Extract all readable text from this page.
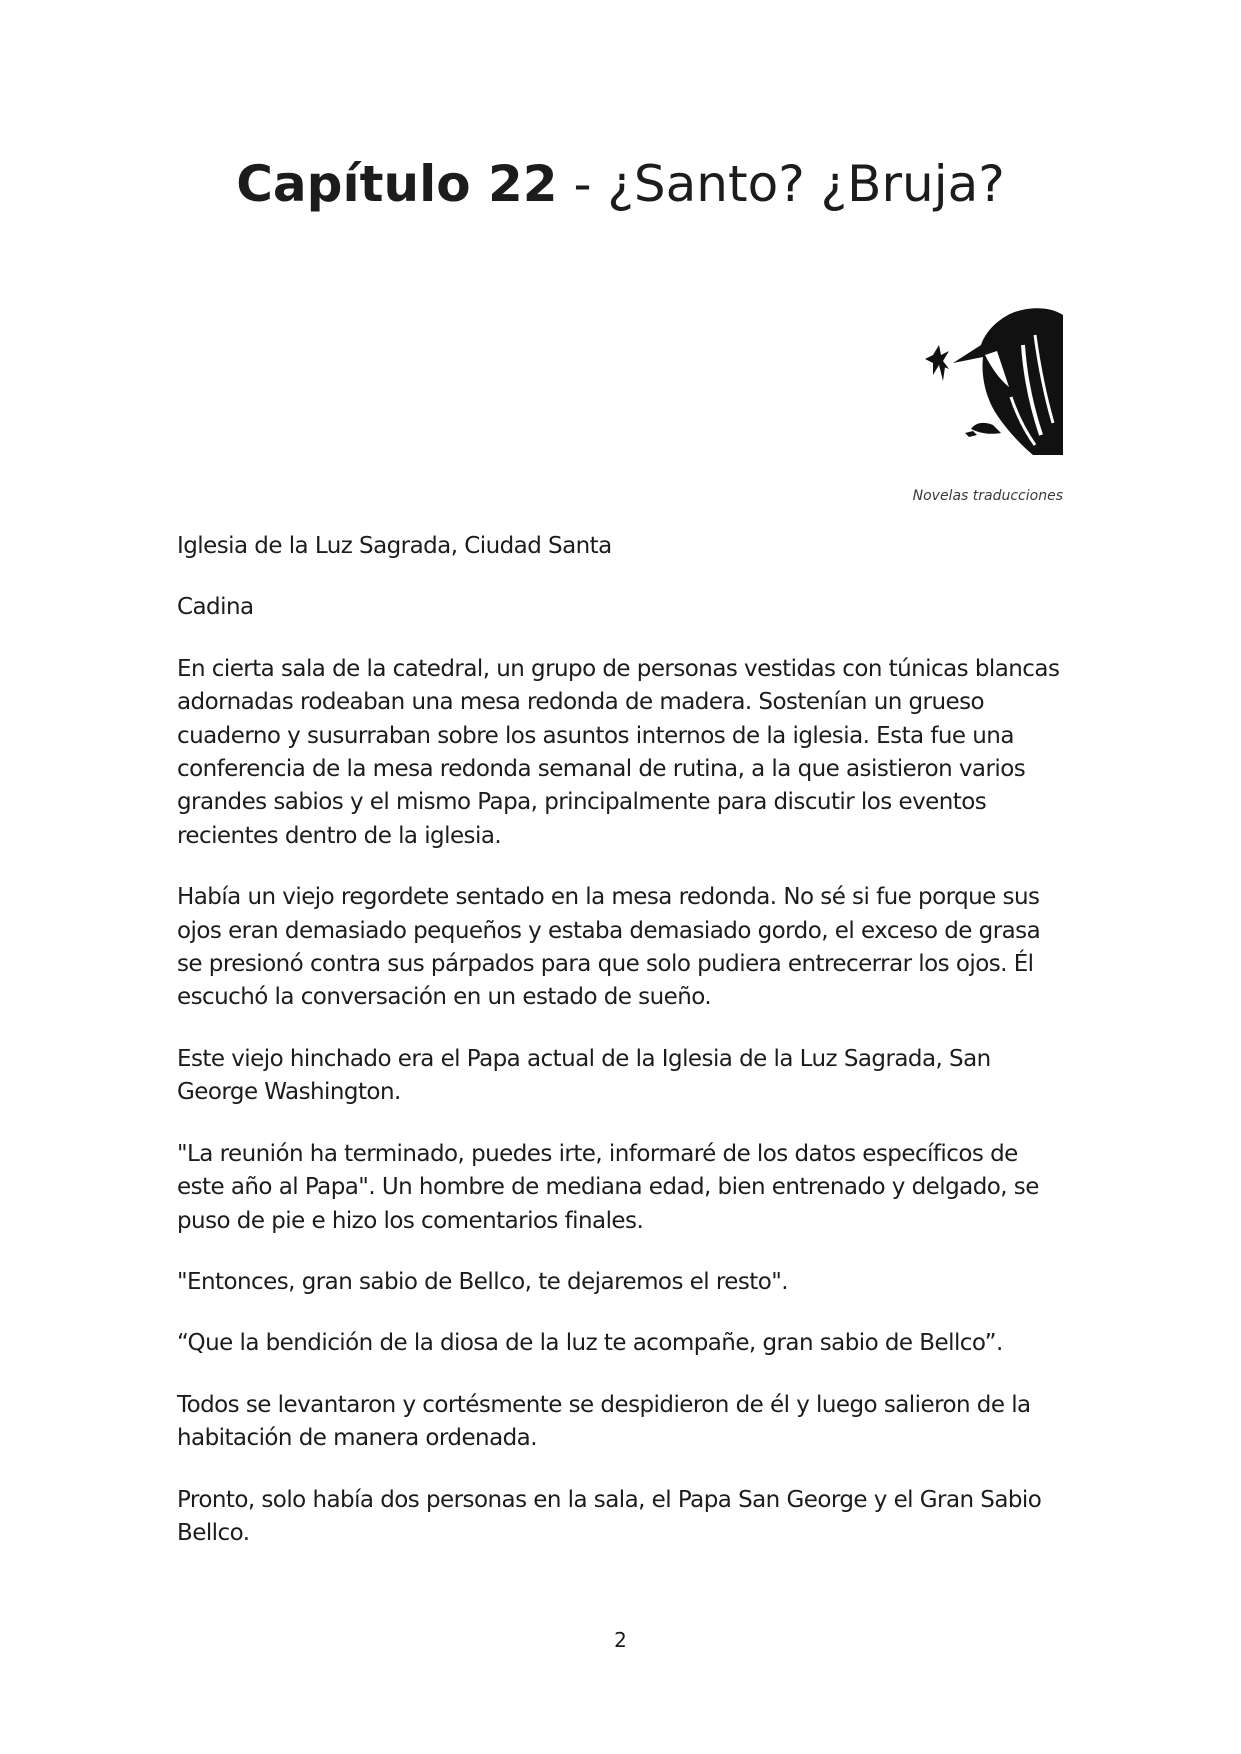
Capítulo 22 - ¿Santo? ¿Bruja?
Novelas traducciones

Iglesia de la Luz Sagrada, Ciudad Santa

Cadina

En cierta sala de la catedral, un grupo de personas vestidas con túnicas blancas adornadas rodeaban una mesa redonda de madera. Sostenían un grueso cuaderno y susurraban sobre los asuntos internos de la iglesia. Esta fue una conferencia de la mesa redonda semanal de rutina, a la que asistieron varios grandes sabios y el mismo Papa, principalmente para discutir los eventos recientes dentro de la iglesia.

Había un viejo regordete sentado en la mesa redonda. No sé si fue porque sus ojos eran demasiado pequeños y estaba demasiado gordo, el exceso de grasa se presionó contra sus párpados para que solo pudiera entrecerrar los ojos. Él escuchó la conversación en un estado de sueño.

Este viejo hinchado era el Papa actual de la Iglesia de la Luz Sagrada, San George Washington.

"La reunión ha terminado, puedes irte, informaré de los datos específicos de este año al Papa". Un hombre de mediana edad, bien entrenado y delgado, se puso de pie e hizo los comentarios finales.

"Entonces, gran sabio de Bellco, te dejaremos el resto".

“Que la bendición de la diosa de la luz te acompañe, gran sabio de Bellco”.

Todos se levantaron y cortésmente se despidieron de él y luego salieron de la habitación de manera ordenada.

Pronto, solo había dos personas en la sala, el Papa San George y el Gran Sabio Bellco.

2
